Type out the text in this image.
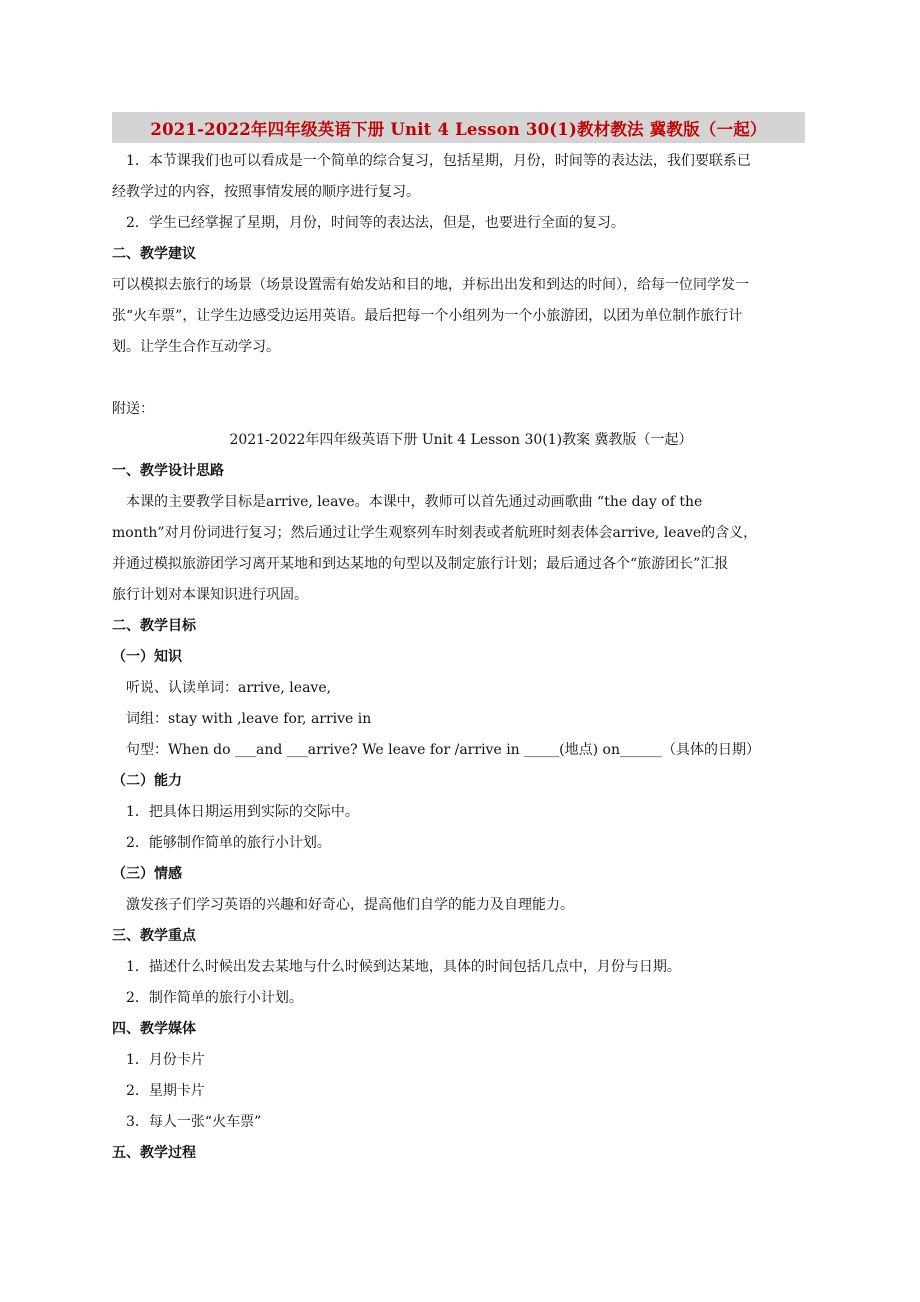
2021-2022年四年级英语下册 Unit 4 Lesson 30(1)教材教法 冀教版（一起）
1．本节课我们也可以看成是一个简单的综合复习，包括星期，月份，时间等的表达法，我们要联系已
经教学过的内容，按照事情发展的顺序进行复习。
2．学生已经掌握了星期，月份，时间等的表达法，但是，也要进行全面的复习。
二、教学建议
可以模拟去旅行的场景（场景设置需有始发站和目的地，并标出出发和到达的时间），给每一位同学发一
张“火车票”，让学生边感受边运用英语。最后把每一个小组列为一个小旅游团，以团为单位制作旅行计
划。让学生合作互动学习。
附送：
2021-2022年四年级英语下册 Unit 4 Lesson 30(1)教案 冀教版（一起）
一、教学设计思路
本课的主要教学目标是arrive, leave。本课中，教师可以首先通过动画歌曲 “the day of the
month”对月份词进行复习；然后通过让学生观察列车时刻表或者航班时刻表体会arrive, leave的含义，
并通过模拟旅游团学习离开某地和到达某地的句型以及制定旅行计划；最后通过各个“旅游团长”汇报
旅行计划对本课知识进行巩固。
二、教学目标
（一）知识
听说、认读单词：arrive, leave,
词组：stay with ,leave for, arrive in
句型：When do ___and ___arrive? We leave for /arrive in _____(地点) on______（具体的日期）
（二）能力
1．把具体日期运用到实际的交际中。
2．能够制作简单的旅行小计划。
（三）情感
激发孩子们学习英语的兴趣和好奇心，提高他们自学的能力及自理能力。
三、教学重点
1．描述什么时候出发去某地与什么时候到达某地，具体的时间包括几点中，月份与日期。
2．制作简单的旅行小计划。
四、教学媒体
1．月份卡片
2．星期卡片
3．每人一张“火车票”
五、教学过程
